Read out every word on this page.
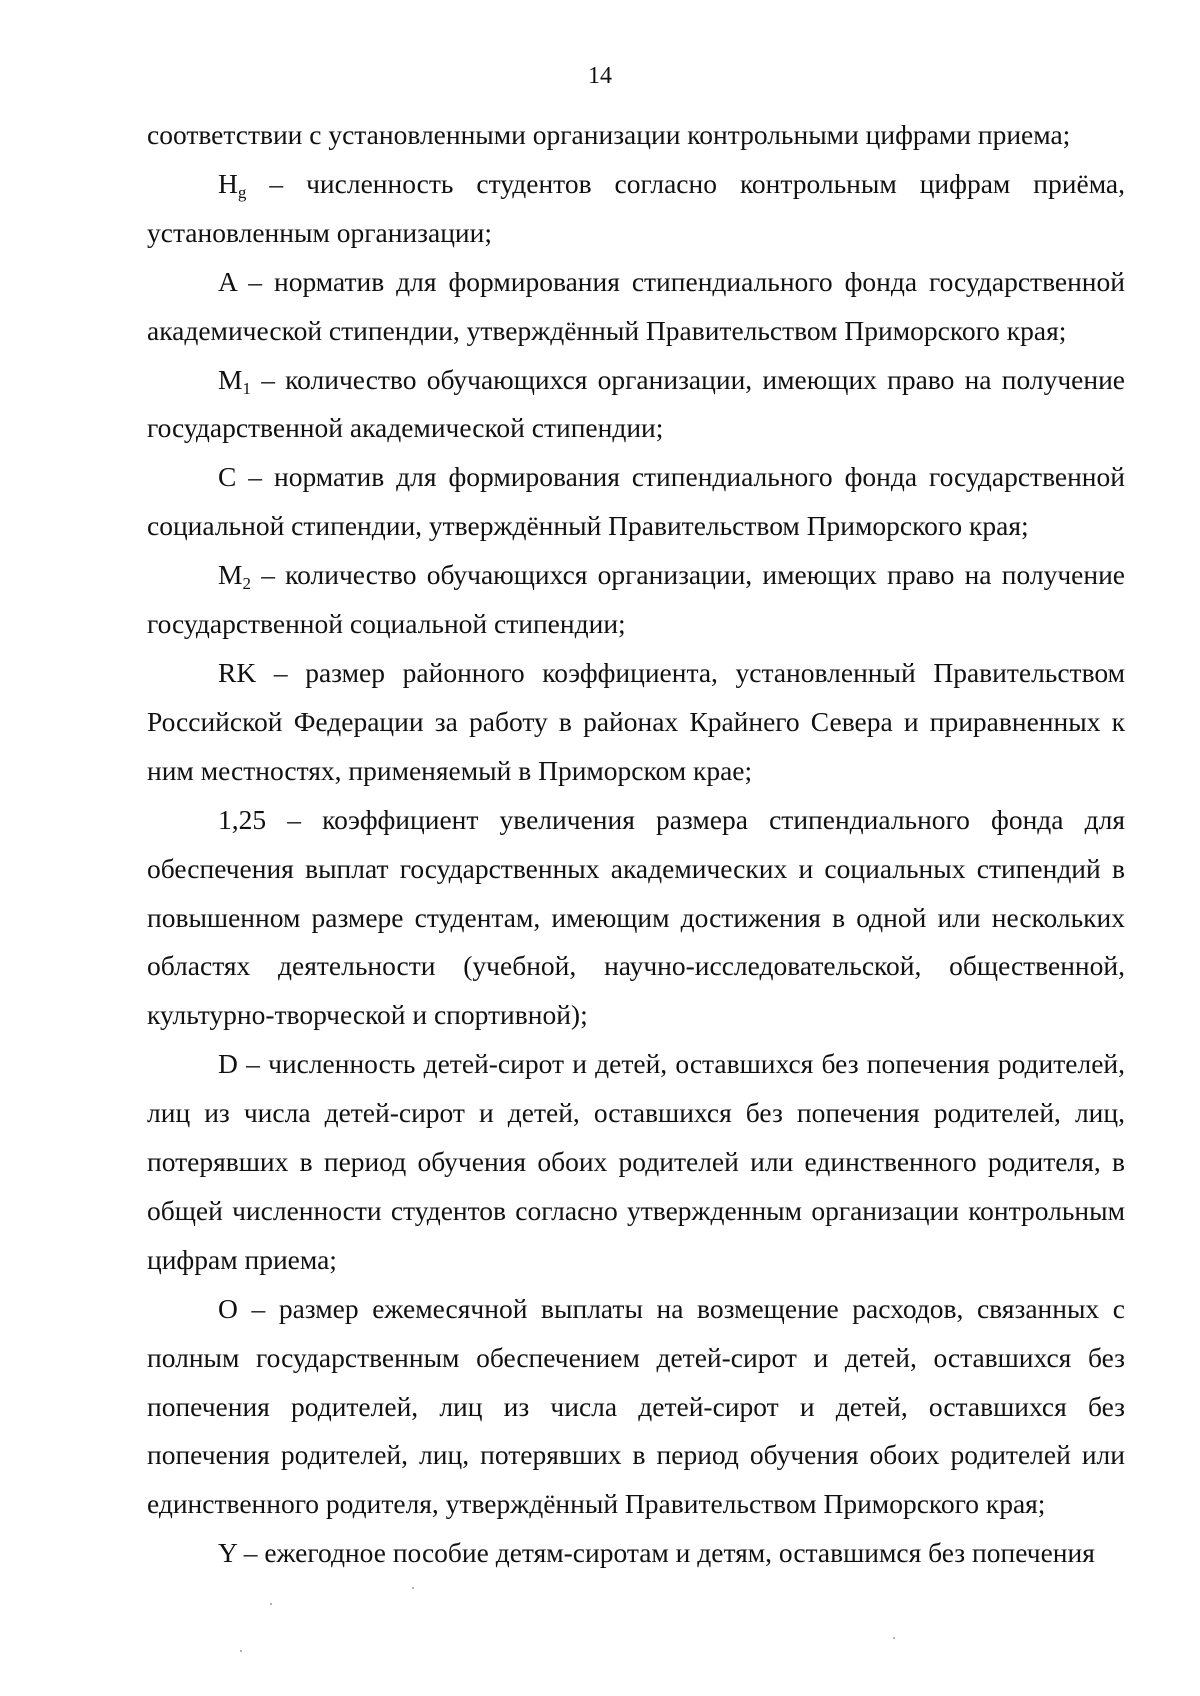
14

соответствии с установленными организации контрольными цифрами приема;

$H_g$ – численность студентов согласно контрольным цифрам приёма, установленным организации;

A – норматив для формирования стипендиального фонда государственной академической стипендии, утверждённый Правительством Приморского края;

$M_1$ – количество обучающихся организации, имеющих право на получение государственной академической стипендии;

C – норматив для формирования стипендиального фонда государственной социальной стипендии, утверждённый Правительством Приморского края;

$M_2$ – количество обучающихся организации, имеющих право на получение государственной социальной стипендии;

RK – размер районного коэффициента, установленный Правительством Российской Федерации за работу в районах Крайнего Севера и приравненных к ним местностях, применяемый в Приморском крае;

1,25 – коэффициент увеличения размера стипендиального фонда для обеспечения выплат государственных академических и социальных стипендий в повышенном размере студентам, имеющим достижения в одной или нескольких областях деятельности (учебной, научно-исследовательской, общественной, культурно-творческой и спортивной);

D – численность детей-сирот и детей, оставшихся без попечения родителей, лиц из числа детей-сирот и детей, оставшихся без попечения родителей, лиц, потерявших в период обучения обоих родителей или единственного родителя, в общей численности студентов согласно утвержденным организации контрольным цифрам приема;

O – размер ежемесячной выплаты на возмещение расходов, связанных с полным государственным обеспечением детей-сирот и детей, оставшихся без попечения родителей, лиц из числа детей-сирот и детей, оставшихся без попечения родителей, лиц, потерявших в период обучения обоих родителей или единственного родителя, утверждённый Правительством Приморского края;

Y – ежегодное пособие детям-сиротам и детям, оставшимся без попечения
